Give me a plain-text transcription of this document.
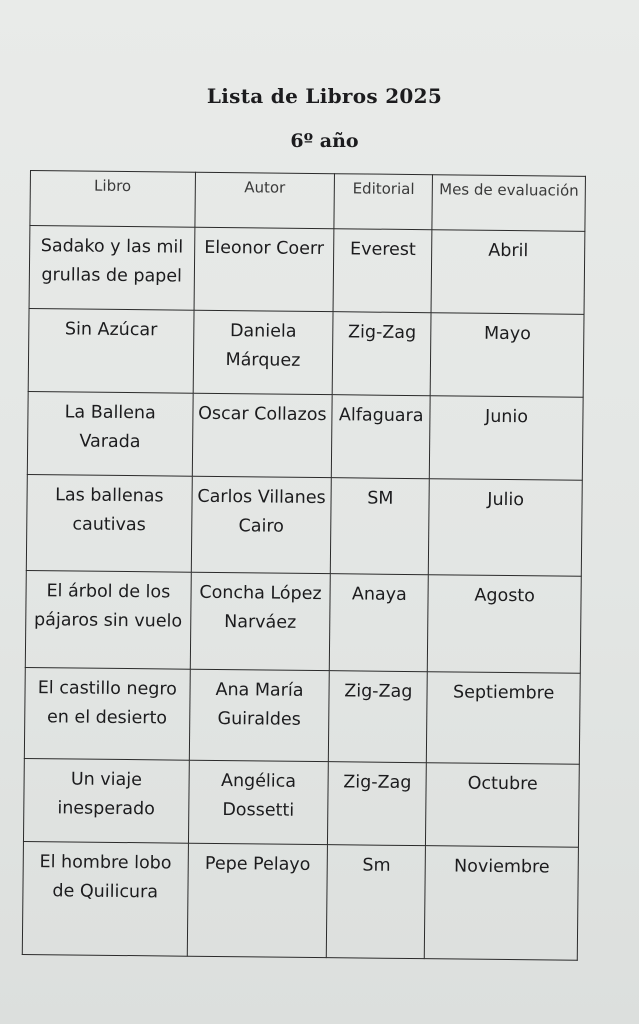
Lista de Libros 2025
6º año
Libro	Autor	Editorial	Mes de evaluación
Sadako y las mil grullas de papel	Eleonor Coerr	Everest	Abril
Sin Azúcar	Daniela Márquez	Zig-Zag	Mayo
La Ballena Varada	Oscar Collazos	Alfaguara	Junio
Las ballenas cautivas	Carlos Villanes Cairo	SM	Julio
El árbol de los pájaros sin vuelo	Concha López Narváez	Anaya	Agosto
El castillo negro en el desierto	Ana María Guiraldes	Zig-Zag	Septiembre
Un viaje inesperado	Angélica Dossetti	Zig-Zag	Octubre
El hombre lobo de Quilicura	Pepe Pelayo	Sm	Noviembre
